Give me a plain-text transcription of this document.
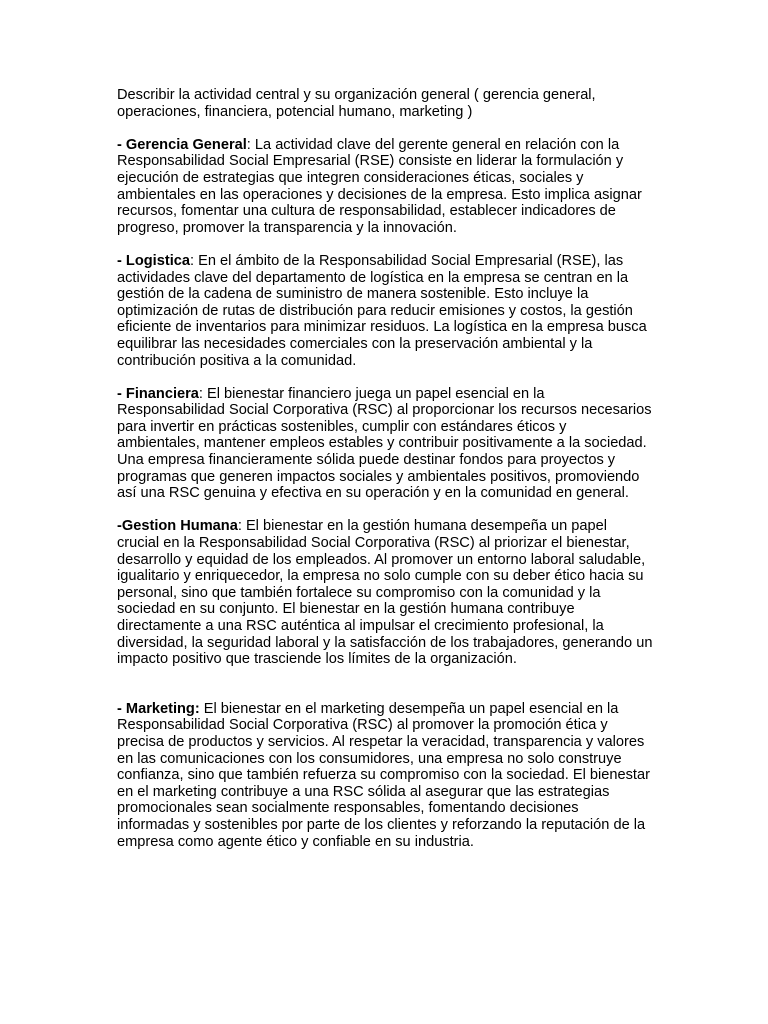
Describir la actividad central y su organización general ( gerencia general, operaciones, financiera, potencial humano, marketing )

- Gerencia General: La actividad clave del gerente general en relación con la Responsabilidad Social Empresarial (RSE) consiste en liderar la formulación y ejecución de estrategias que integren consideraciones éticas, sociales y ambientales en las operaciones y decisiones de la empresa. Esto implica asignar recursos, fomentar una cultura de responsabilidad, establecer indicadores de progreso, promover la transparencia y la innovación.

- Logistica: En el ámbito de la Responsabilidad Social Empresarial (RSE), las actividades clave del departamento de logística en la empresa se centran en la gestión de la cadena de suministro de manera sostenible. Esto incluye la optimización de rutas de distribución para reducir emisiones y costos, la gestión eficiente de inventarios para minimizar residuos. La logística en la empresa busca equilibrar las necesidades comerciales con la preservación ambiental y la contribución positiva a la comunidad.

- Financiera: El bienestar financiero juega un papel esencial en la Responsabilidad Social Corporativa (RSC) al proporcionar los recursos necesarios para invertir en prácticas sostenibles, cumplir con estándares éticos y ambientales, mantener empleos estables y contribuir positivamente a la sociedad. Una empresa financieramente sólida puede destinar fondos para proyectos y programas que generen impactos sociales y ambientales positivos, promoviendo así una RSC genuina y efectiva en su operación y en la comunidad en general.

-Gestion Humana: El bienestar en la gestión humana desempeña un papel crucial en la Responsabilidad Social Corporativa (RSC) al priorizar el bienestar, desarrollo y equidad de los empleados. Al promover un entorno laboral saludable, igualitario y enriquecedor, la empresa no solo cumple con su deber ético hacia su personal, sino que también fortalece su compromiso con la comunidad y la sociedad en su conjunto. El bienestar en la gestión humana contribuye directamente a una RSC auténtica al impulsar el crecimiento profesional, la diversidad, la seguridad laboral y la satisfacción de los trabajadores, generando un impacto positivo que trasciende los límites de la organización.

- Marketing: El bienestar en el marketing desempeña un papel esencial en la Responsabilidad Social Corporativa (RSC) al promover la promoción ética y precisa de productos y servicios. Al respetar la veracidad, transparencia y valores en las comunicaciones con los consumidores, una empresa no solo construye confianza, sino que también refuerza su compromiso con la sociedad. El bienestar en el marketing contribuye a una RSC sólida al asegurar que las estrategias promocionales sean socialmente responsables, fomentando decisiones informadas y sostenibles por parte de los clientes y reforzando la reputación de la empresa como agente ético y confiable en su industria.
